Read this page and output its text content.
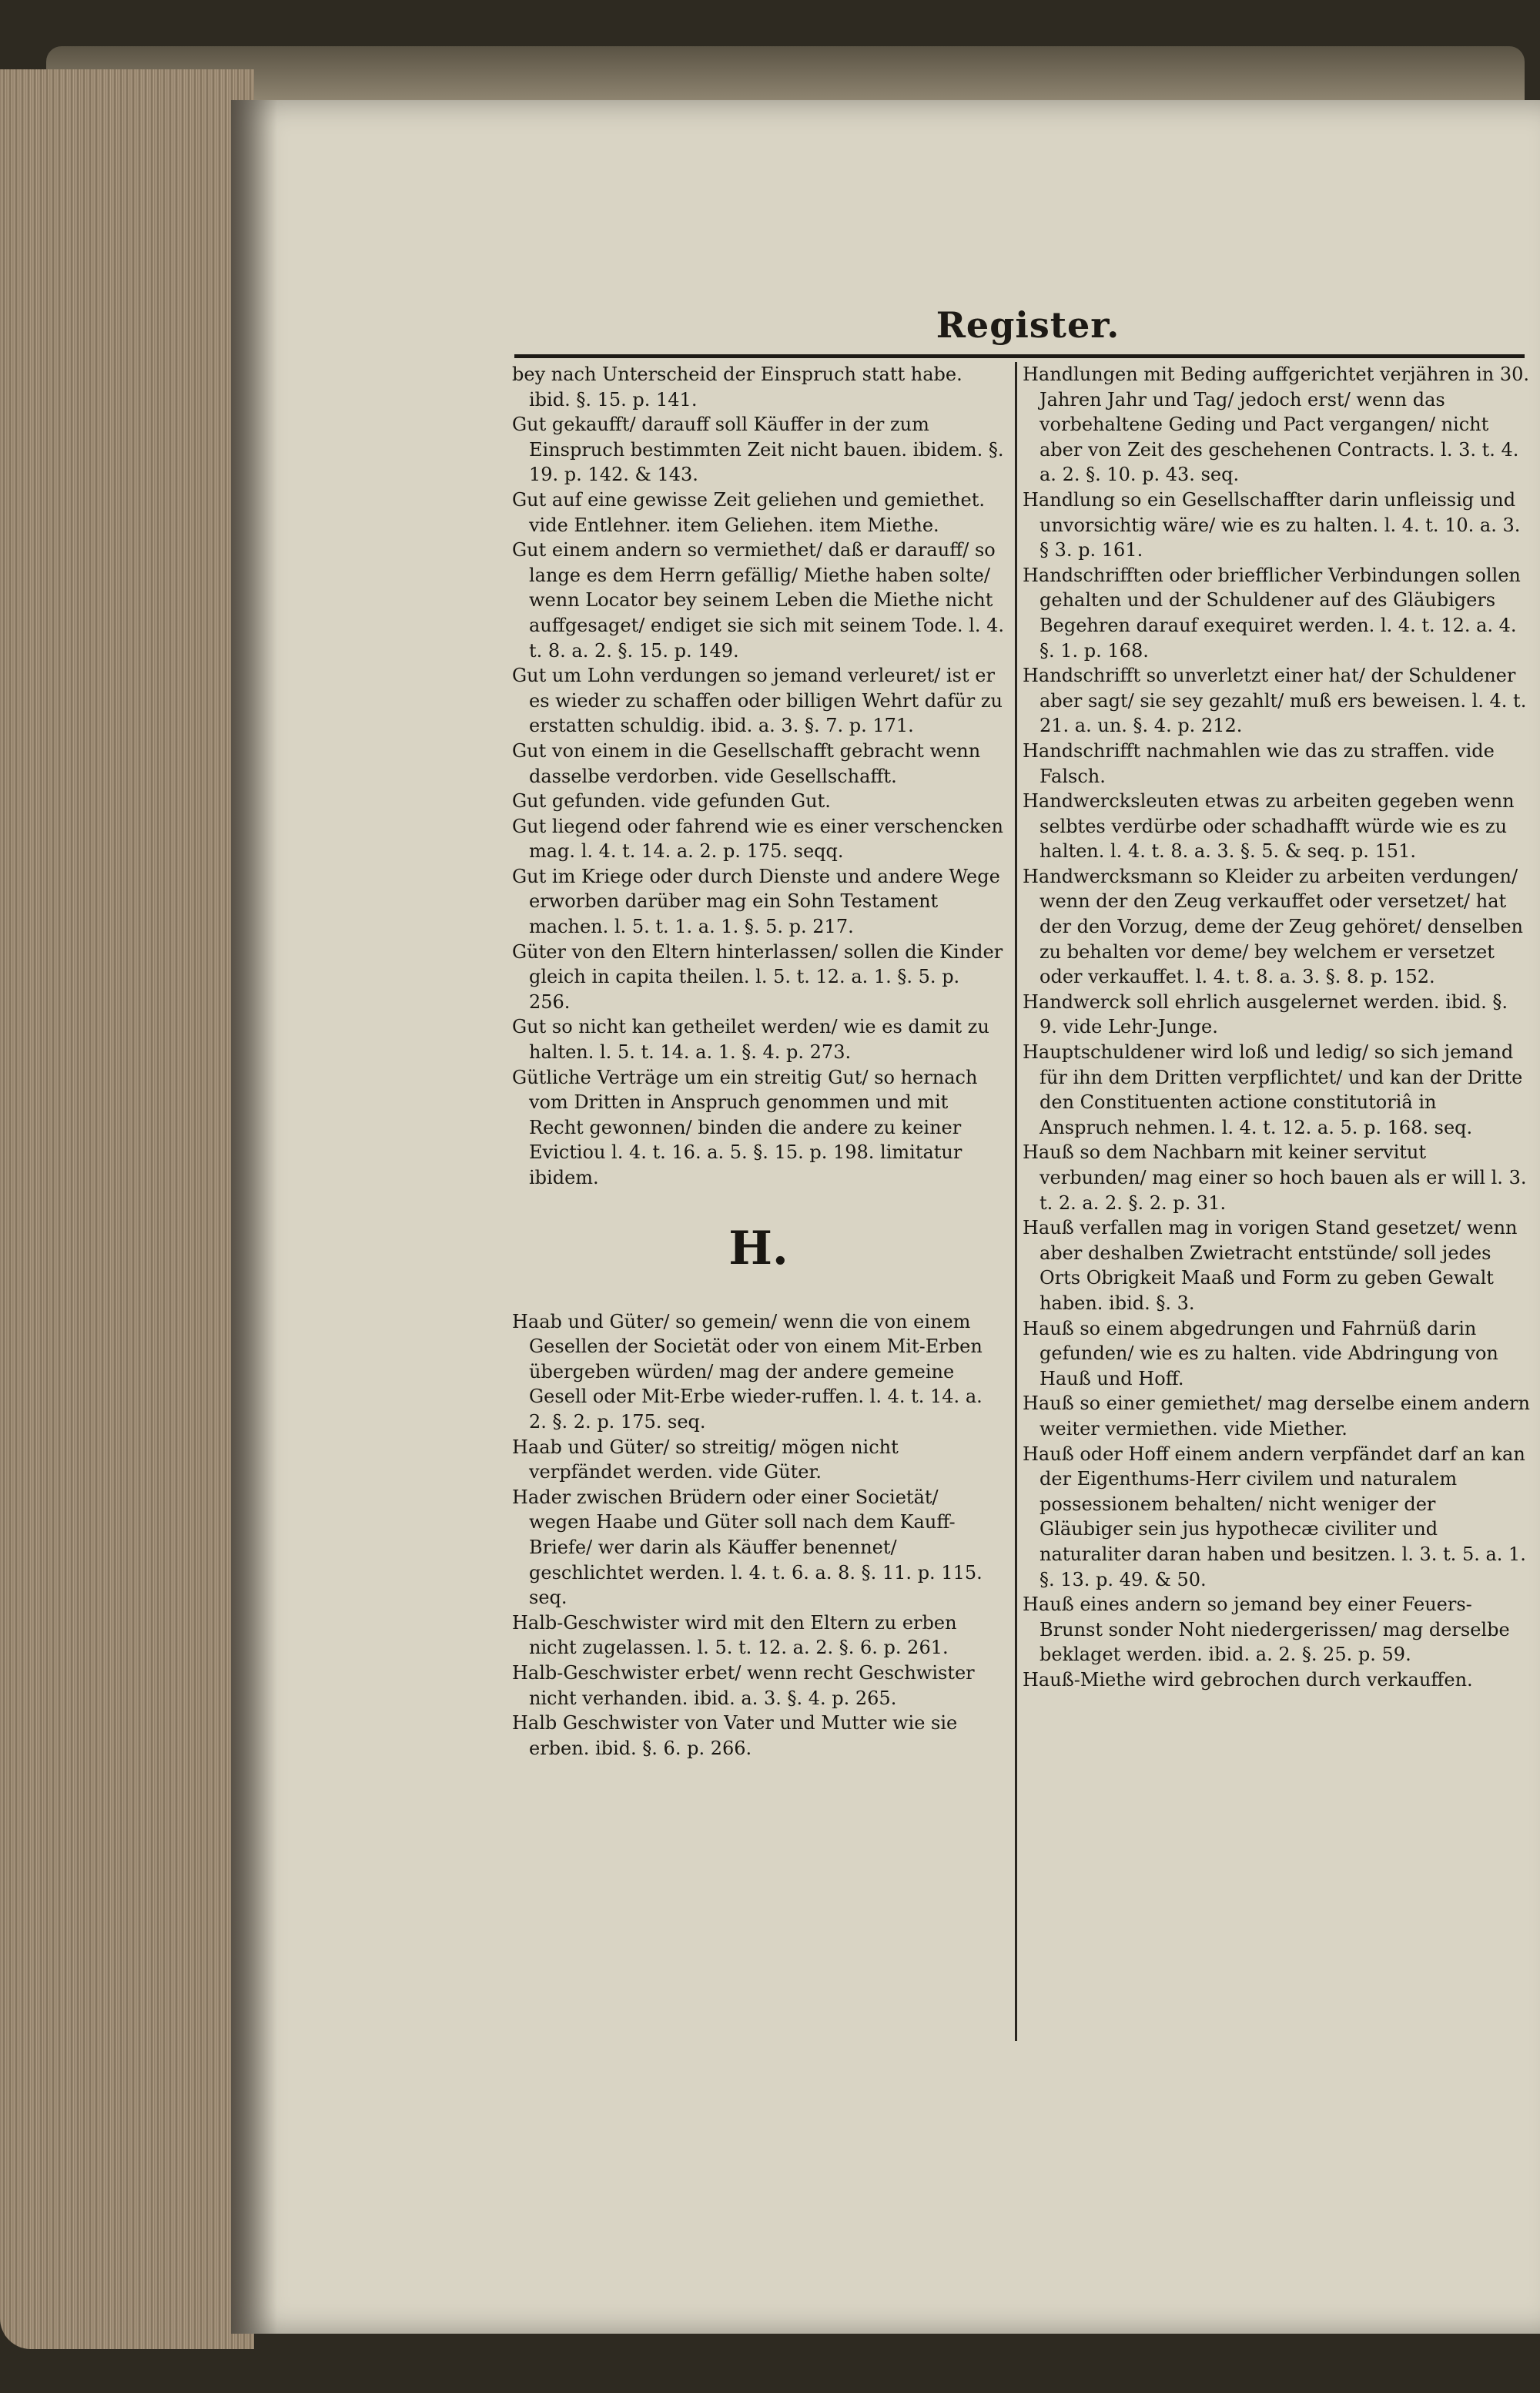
Register.

bey nach Unterscheid der Einspruch statt habe. ibid. §. 15. p. 141.

Gut gekaufft/ darauff soll Käuffer in der zum Einspruch bestimmten Zeit nicht bauen. ibidem. §. 19. p. 142. & 143.

Gut auf eine gewisse Zeit geliehen und gemiethet. vide Entlehner. item Geliehen. item Miethe.

Gut einem andern so vermiethet/ daß er darauff/ so lange es dem Herrn gefällig/ Miethe haben solte/ wenn Locator bey seinem Leben die Miethe nicht auffgesaget/ endiget sie sich mit seinem Tode. l. 4. t. 8. a. 2. §. 15. p. 149.

Gut um Lohn verdungen so jemand verleuret/ ist er es wieder zu schaffen oder billigen Wehrt dafür zu erstatten schuldig. ibid. a. 3. §. 7. p. 171.

Gut von einem in die Gesellschafft gebracht wenn dasselbe verdorben. vide Gesellschafft.

Gut gefunden. vide gefunden Gut.

Gut liegend oder fahrend wie es einer verschencken mag. l. 4. t. 14. a. 2. p. 175. seqq.

Gut im Kriege oder durch Dienste und andere Wege erworben darüber mag ein Sohn Testament machen. l. 5. t. 1. a. 1. §. 5. p. 217.

Güter von den Eltern hinterlassen/ sollen die Kinder gleich in capita theilen. l. 5. t. 12. a. 1. §. 5. p. 256.

Gut so nicht kan getheilet werden/ wie es damit zu halten. l. 5. t. 14. a. 1. §. 4. p. 273.

Gütliche Verträge um ein streitig Gut/ so hernach vom Dritten in Anspruch genommen und mit Recht gewonnen/ binden die andere zu keiner Evictiou l. 4. t. 16. a. 5. §. 15. p. 198. limitatur ibidem.

H.

Haab und Güter/ so gemein/ wenn die von einem Gesellen der Societät oder von einem Mit-Erben übergeben würden/ mag der andere gemeine Gesell oder Mit-Erbe wieder-ruffen. l. 4. t. 14. a. 2. §. 2. p. 175. seq.

Haab und Güter/ so streitig/ mögen nicht verpfändet werden. vide Güter.

Hader zwischen Brüdern oder einer Societät/ wegen Haabe und Güter soll nach dem Kauff-Briefe/ wer darin als Käuffer benennet/ geschlichtet werden. l. 4. t. 6. a. 8. §. 11. p. 115. seq.

Halb-Geschwister wird mit den Eltern zu erben nicht zugelassen. l. 5. t. 12. a. 2. §. 6. p. 261.

Halb-Geschwister erbet/ wenn recht Geschwister nicht verhanden. ibid. a. 3. §. 4. p. 265.

Halb Geschwister von Vater und Mutter wie sie erben. ibid. §. 6. p. 266.

Handlungen mit Beding auffgerichtet verjähren in 30. Jahren Jahr und Tag/ jedoch erst/ wenn das vorbehaltene Geding und Pact vergangen/ nicht aber von Zeit des geschehenen Contracts. l. 3. t. 4. a. 2. §. 10. p. 43. seq.

Handlung so ein Gesellschaffter darin unfleissig und unvorsichtig wäre/ wie es zu halten. l. 4. t. 10. a. 3. § 3. p. 161.

Handschrifften oder briefflicher Verbindungen sollen gehalten und der Schuldener auf des Gläubigers Begehren darauf exequiret werden. l. 4. t. 12. a. 4. §. 1. p. 168.

Handschrifft so unverletzt einer hat/ der Schuldener aber sagt/ sie sey gezahlt/ muß ers beweisen. l. 4. t. 21. a. un. §. 4. p. 212.

Handschrifft nachmahlen wie das zu straffen. vide Falsch.

Handwercksleuten etwas zu arbeiten gegeben wenn selbtes verdürbe oder schadhafft würde wie es zu halten. l. 4. t. 8. a. 3. §. 5. & seq. p. 151.

Handwercksmann so Kleider zu arbeiten verdungen/ wenn der den Zeug verkauffet oder versetzet/ hat der den Vorzug, deme der Zeug gehöret/ denselben zu behalten vor deme/ bey welchem er versetzet oder verkauffet. l. 4. t. 8. a. 3. §. 8. p. 152.

Handwerck soll ehrlich ausgelernet werden. ibid. §. 9. vide Lehr-Junge.

Hauptschuldener wird loß und ledig/ so sich jemand für ihn dem Dritten verpflichtet/ und kan der Dritte den Constituenten actione constitutoriâ in Anspruch nehmen. l. 4. t. 12. a. 5. p. 168. seq.

Hauß so dem Nachbarn mit keiner servitut verbunden/ mag einer so hoch bauen als er will l. 3. t. 2. a. 2. §. 2. p. 31.

Hauß verfallen mag in vorigen Stand gesetzet/ wenn aber deshalben Zwietracht entstünde/ soll jedes Orts Obrigkeit Maaß und Form zu geben Gewalt haben. ibid. §. 3.

Hauß so einem abgedrungen und Fahrnüß darin gefunden/ wie es zu halten. vide Abdringung von Hauß und Hoff.

Hauß so einer gemiethet/ mag derselbe einem andern weiter vermiethen. vide Miether.

Hauß oder Hoff einem andern verpfändet darf an kan der Eigenthums-Herr civilem und naturalem possessionem behalten/ nicht weniger der Gläubiger sein jus hypothecæ civiliter und naturaliter daran haben und besitzen. l. 3. t. 5. a. 1. §. 13. p. 49. & 50.

Hauß eines andern so jemand bey einer Feuers-Brunst sonder Noht niedergerissen/ mag derselbe beklaget werden. ibid. a. 2. §. 25. p. 59.

Hauß-Miethe wird gebrochen durch verkauffen.
